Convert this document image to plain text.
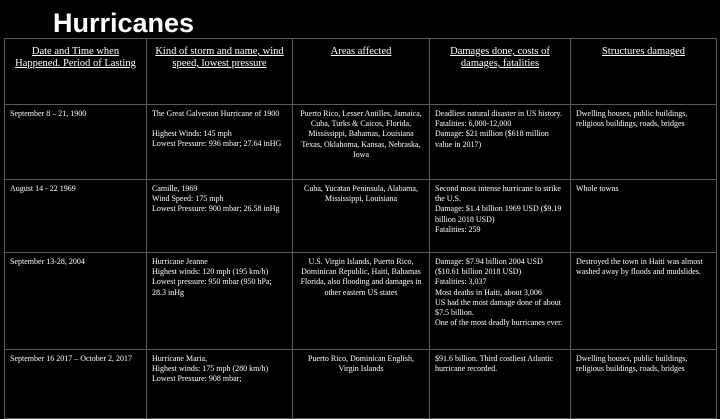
Hurricanes
Date and Time when Happened. Period of Lasting	Kind of storm and name, wind speed, lowest pressure	Areas affected	Damages done, costs of damages, fatalities	Structures damaged
September 8 – 21, 1900	The Great Galveston Hurricane of 1900
Highest Winds: 145 mph
Lowest Pressure: 936 mbar; 27.64 inHG	Puerto Rico, Lesser Antilles, Jamaica, Cuba, Turks & Caicos, Florida, Mississippi, Bahamas, Louisiana Texas, Oklahoma, Kansas, Nebraska, Iowa	Deadliest natural disaster in US history.
Fatalities: 6,000-12,000
Damage: $21 million ($618 million value in 2017)	Dwelling houses, public buildings, religious buildings, roads, bridges
August 14 - 22 1969	Camille, 1969
Wind Speed: 175 mph
Lowest Pressure: 900 mbar; 26.58 inHg	Cuba, Yucatan Peninsula, Alabama, Mississippi, Louisiana	Second most intense hurricane to strike the U.S.
Damage: $1.4 billion 1969 USD ($9.19 billion 2018 USD)
Fatalities: 259	Whole towns
September 13-28, 2004	Hurricane Jeanne
Highest winds: 120 mph (195 km/h)
Lowest pressure: 950 mbar (950 hPa; 28.3 inHg	U.S. Virgin Islands, Puerto Rico, Dominican Republic, Haiti, Bahamas Florida, also flooding and damages in other eastern US states	Damage: $7.94 billion 2004 USD ($10.61 billion 2018 USD)
Fatalities: 3,037
Most deaths in Haiti, about 3,006
US had the most damage done of about $7.5 billion.
One of the most deadly hurricanes ever.	Destroyed the town in Haiti was almost washed away by floods and mudslides.
September 16 2017 – October 2, 2017	Hurricane Maria,
Highest winds: 175 mph (280 km/h)
Lowest Pressure: 908 mbar;	Puerto Rico, Dominican English, Virgin Islands	$91.6 billion. Third costliest Atlantic hurricane recorded.	Dwelling houses, public buildings, religious buildings, roads, bridges
